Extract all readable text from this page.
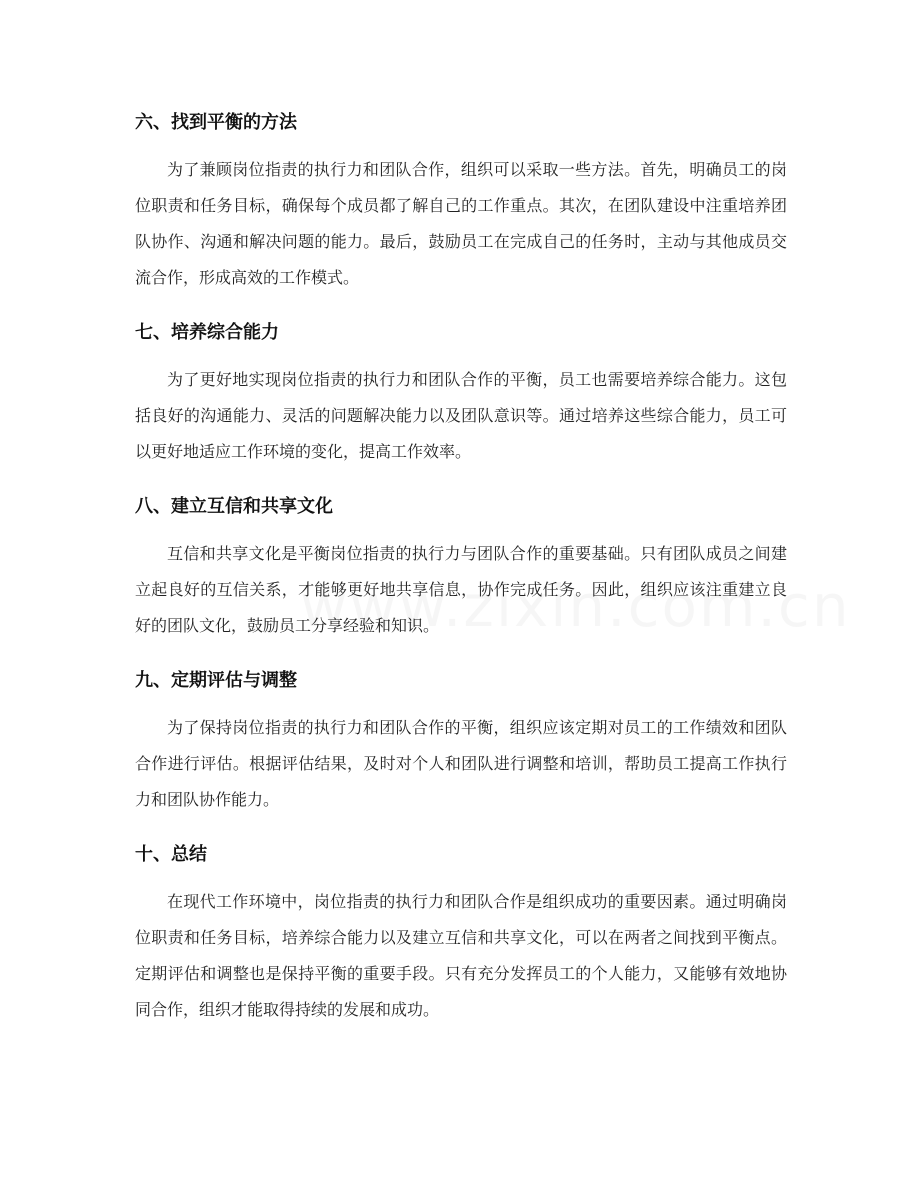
六、找到平衡的方法

为了兼顾岗位指责的执行力和团队合作，组织可以采取一些方法。首先，明确员工的岗位职责和任务目标，确保每个成员都了解自己的工作重点。其次，在团队建设中注重培养团队协作、沟通和解决问题的能力。最后，鼓励员工在完成自己的任务时，主动与其他成员交流合作，形成高效的工作模式。

七、培养综合能力

为了更好地实现岗位指责的执行力和团队合作的平衡，员工也需要培养综合能力。这包括良好的沟通能力、灵活的问题解决能力以及团队意识等。通过培养这些综合能力，员工可以更好地适应工作环境的变化，提高工作效率。

八、建立互信和共享文化

互信和共享文化是平衡岗位指责的执行力与团队合作的重要基础。只有团队成员之间建立起良好的互信关系，才能够更好地共享信息，协作完成任务。因此，组织应该注重建立良好的团队文化，鼓励员工分享经验和知识。

九、定期评估与调整

为了保持岗位指责的执行力和团队合作的平衡，组织应该定期对员工的工作绩效和团队合作进行评估。根据评估结果，及时对个人和团队进行调整和培训，帮助员工提高工作执行力和团队协作能力。

十、总结

在现代工作环境中，岗位指责的执行力和团队合作是组织成功的重要因素。通过明确岗位职责和任务目标，培养综合能力以及建立互信和共享文化，可以在两者之间找到平衡点。定期评估和调整也是保持平衡的重要手段。只有充分发挥员工的个人能力，又能够有效地协同合作，组织才能取得持续的发展和成功。
